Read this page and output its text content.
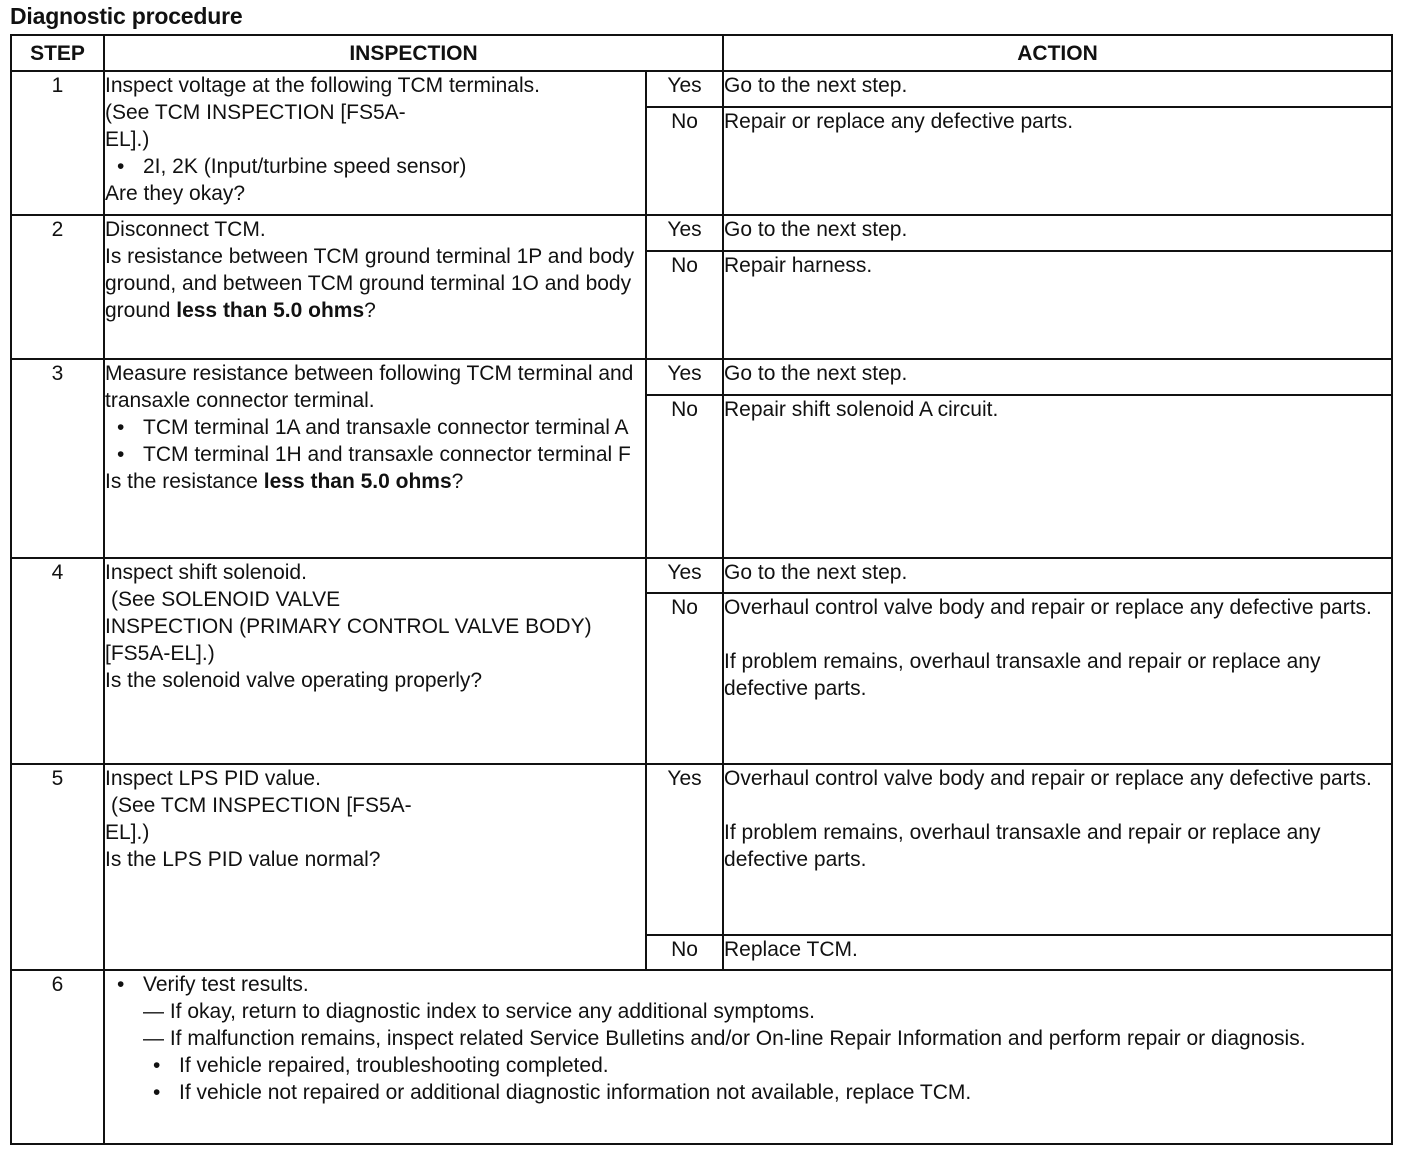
Diagnostic procedure
STEP	INSPECTION		ACTION
1	Inspect voltage at the following TCM terminals.
(See TCM INSPECTION [FS5A-
EL].)
• 2I, 2K (Input/turbine speed sensor)
Are they okay?	Yes	Go to the next step.
		No	Repair or replace any defective parts.
2	Disconnect TCM.
Is resistance between TCM ground terminal 1P and body ground, and between TCM ground terminal 1O and body ground less than 5.0 ohms?	Yes	Go to the next step.
		No	Repair harness.
3	Measure resistance between following TCM terminal and transaxle connector terminal.
• TCM terminal 1A and transaxle connector terminal A
• TCM terminal 1H and transaxle connector terminal F
Is the resistance less than 5.0 ohms?	Yes	Go to the next step.
		No	Repair shift solenoid A circuit.
4	Inspect shift solenoid.
(See SOLENOID VALVE
INSPECTION (PRIMARY CONTROL VALVE BODY) [FS5A-EL].)
Is the solenoid valve operating properly?	Yes	Go to the next step.
		No	Overhaul control valve body and repair or replace any defective parts.
If problem remains, overhaul transaxle and repair or replace any defective parts.

5	Inspect LPS PID value.
(See TCM INSPECTION [FS5A-
EL].)
Is the LPS PID value normal?	Yes	Overhaul control valve body and repair or replace any defective parts.
If problem remains, overhaul transaxle and repair or replace any defective parts.

		No	Replace TCM.
6	• Verify test results.
— If okay, return to diagnostic index to service any additional symptoms.
— If malfunction remains, inspect related Service Bulletins and/or On-line Repair Information and perform repair or diagnosis.
• If vehicle repaired, troubleshooting completed.
• If vehicle not repaired or additional diagnostic information not available, replace TCM.
